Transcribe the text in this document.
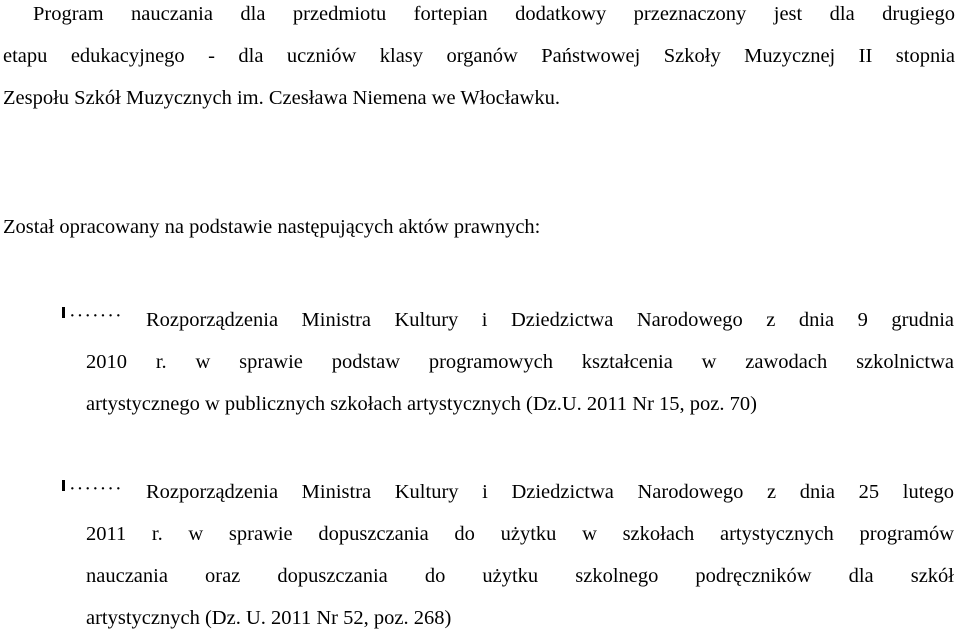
Program nauczania dla przedmiotu fortepian dodatkowy przeznaczony jest dla drugiego
etapu edukacyjnego - dla uczniów klasy organów Państwowej Szkoły Muzycznej II stopnia
Zespołu Szkół Muzycznych im. Czesława Niemena we Włocławku.
Został opracowany na podstawie następujących aktów prawnych:
······· Rozporządzenia Ministra Kultury i Dziedzictwa Narodowego z dnia 9 grudnia
2010 r. w sprawie podstaw programowych kształcenia w zawodach szkolnictwa
artystycznego w publicznych szkołach artystycznych (Dz.U. 2011 Nr 15, poz. 70)
······· Rozporządzenia Ministra Kultury i Dziedzictwa Narodowego z dnia 25 lutego
2011 r. w sprawie dopuszczania do użytku w szkołach artystycznych programów
nauczania oraz dopuszczania do użytku szkolnego podręczników dla szkół
artystycznych (Dz. U. 2011 Nr 52, poz. 268)
